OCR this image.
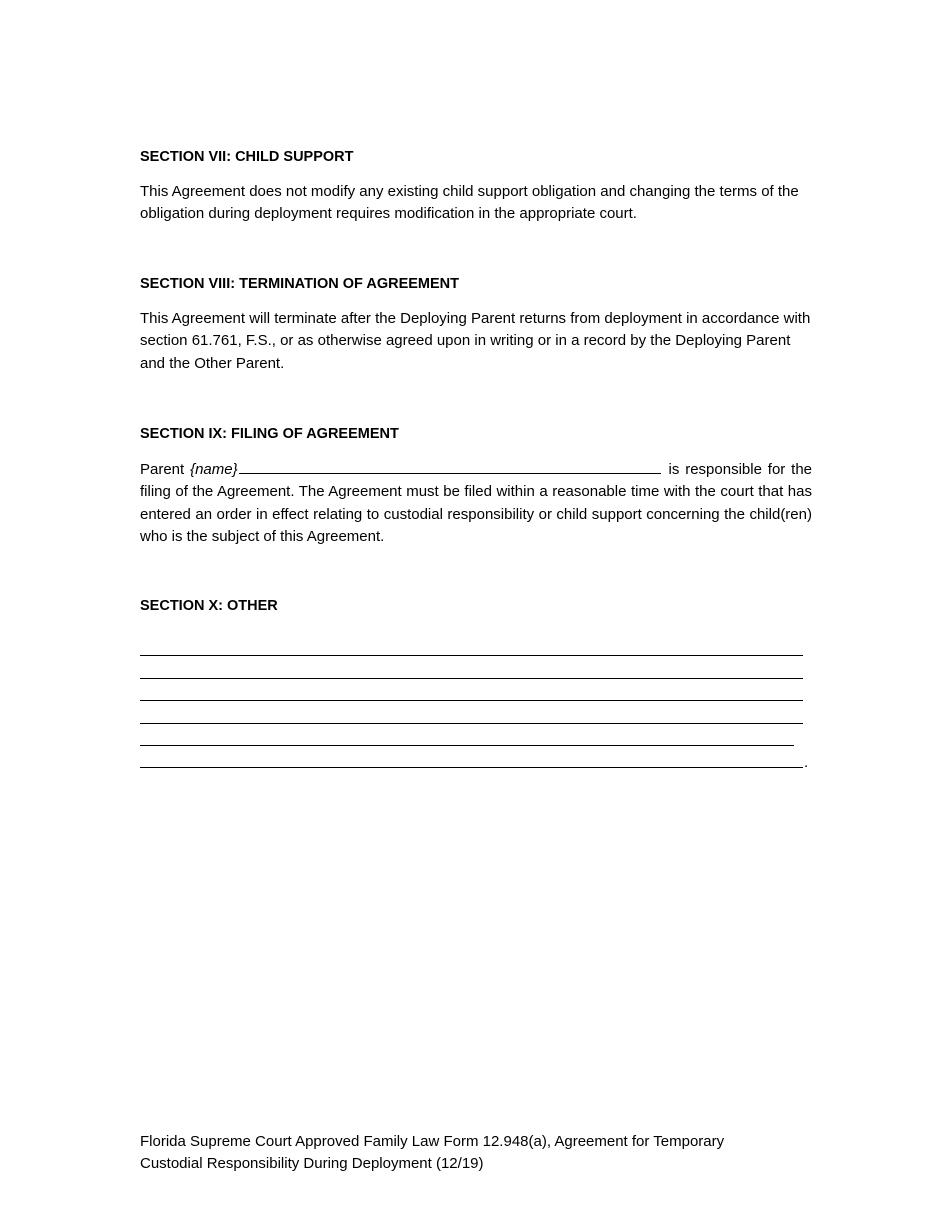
SECTION VII: CHILD SUPPORT
This Agreement does not modify any existing child support obligation and changing the terms of the obligation during deployment requires modification in the appropriate court.
SECTION VIII: TERMINATION OF AGREEMENT
This Agreement will terminate after the Deploying Parent returns from deployment in accordance with section 61.761, F.S., or as otherwise agreed upon in writing or in a record by the Deploying Parent and the Other Parent.
SECTION IX: FILING OF AGREEMENT
Parent {name}	is responsible for the filing of the Agreement. The Agreement must be filed within a reasonable time with the court that has entered an order in effect relating to custodial responsibility or child support concerning the child(ren) who is the subject of this Agreement.
SECTION X: OTHER
.
Florida Supreme Court Approved Family Law Form 12.948(a), Agreement for Temporary
Custodial Responsibility During Deployment (12/19)
